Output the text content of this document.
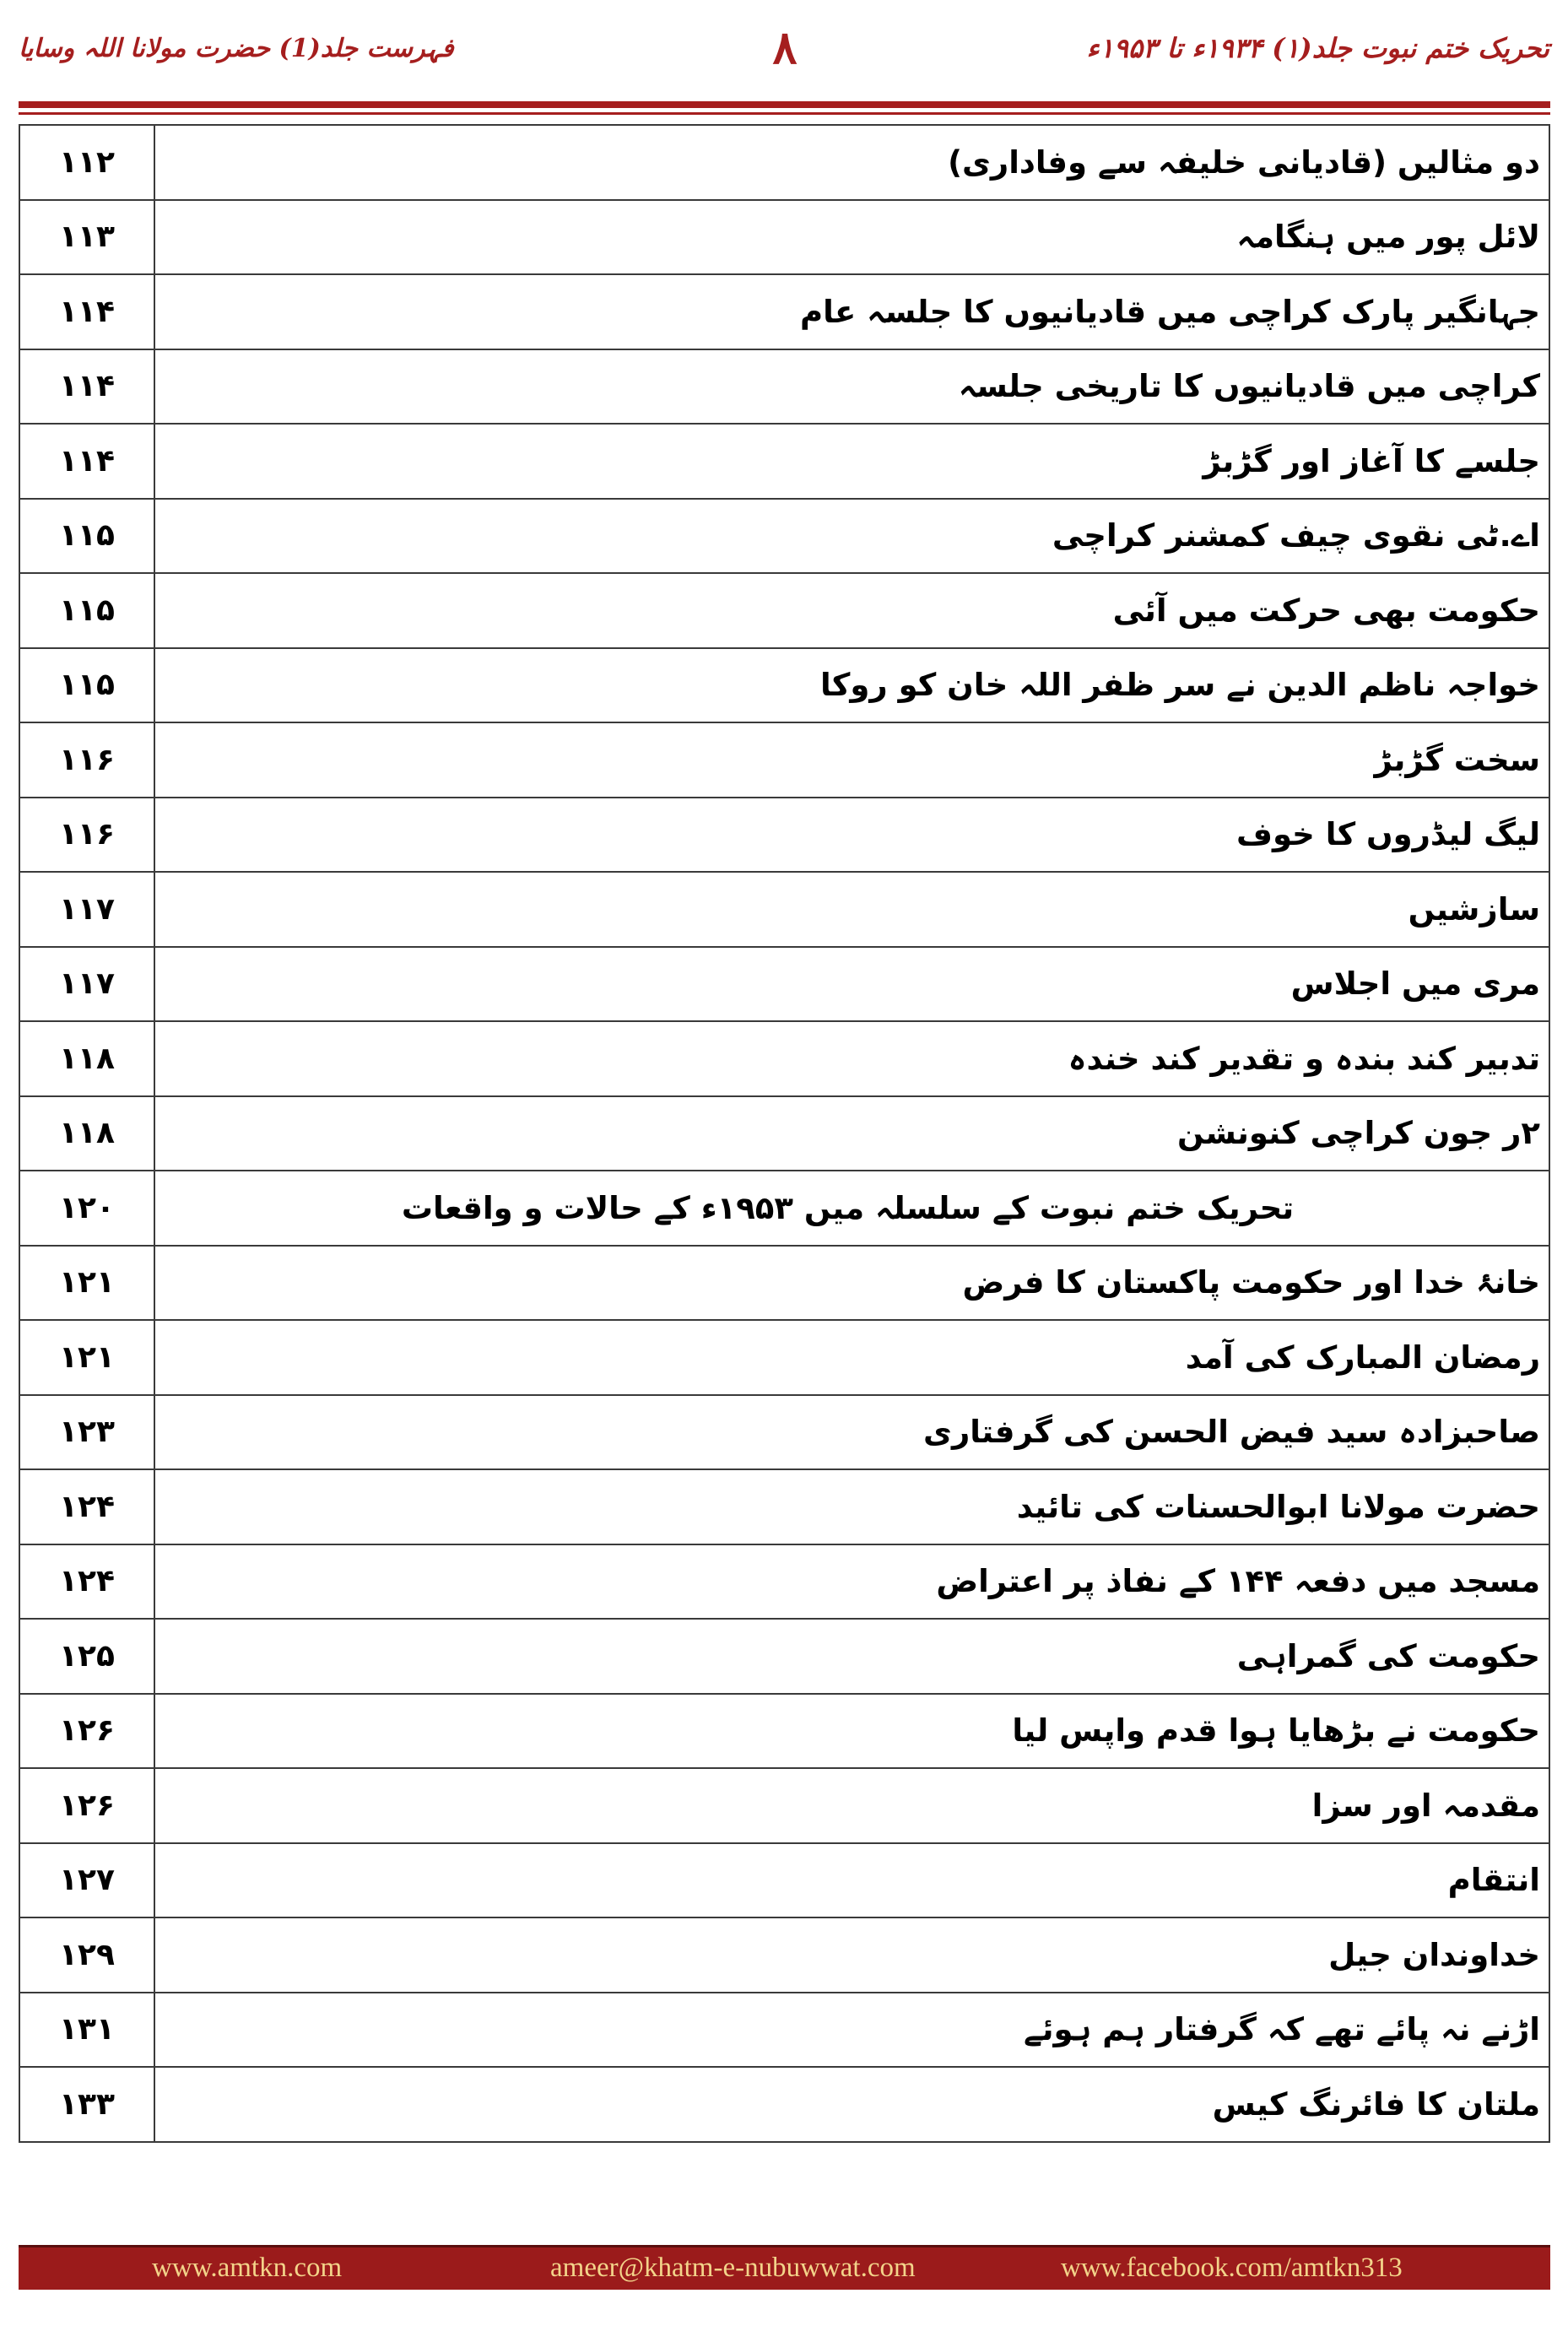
تحریک ختم نبوت جلد(۱) ۱۹۳۴ء تا ۱۹۵۳ء
۸
فہرست جلد(1) حضرت مولانا اللہ وسایا
۱۱۲	دو مثالیں (قادیانی خلیفہ سے وفاداری)
۱۱۳	لائل پور میں ہنگامہ
۱۱۴	جہانگیر پارک کراچی میں قادیانیوں کا جلسہ عام
۱۱۴	کراچی میں قادیانیوں کا تاریخی جلسہ
۱۱۴	جلسے کا آغاز اور گڑبڑ
۱۱۵	اے.ٹی نقوی چیف کمشنر کراچی
۱۱۵	حکومت بھی حرکت میں آئی
۱۱۵	خواجہ ناظم الدین نے سر ظفر اللہ خان کو روکا
۱۱۶	سخت گڑبڑ
۱۱۶	لیگ لیڈروں کا خوف
۱۱۷	سازشیں
۱۱۷	مری میں اجلاس
۱۱۸	تدبیر کند بندہ و تقدیر کند خندہ
۱۱۸	۲ر جون کراچی کنونشن
۱۲۰	تحریک ختم نبوت کے سلسلہ میں ۱۹۵۳ء کے حالات و واقعات
۱۲۱	خانۂ خدا اور حکومت پاکستان کا فرض
۱۲۱	رمضان المبارک کی آمد
۱۲۳	صاحبزادہ سید فیض الحسن کی گرفتاری
۱۲۴	حضرت مولانا ابوالحسنات کی تائید
۱۲۴	مسجد میں دفعہ ۱۴۴ کے نفاذ پر اعتراض
۱۲۵	حکومت کی گمراہی
۱۲۶	حکومت نے بڑھایا ہوا قدم واپس لیا
۱۲۶	مقدمہ اور سزا
۱۲۷	انتقام
۱۲۹	خداوندان جیل
۱۳۱	اڑنے نہ پائے تھے کہ گرفتار ہم ہوئے
۱۳۳	ملتان کا فائرنگ کیس
www.amtkn.com	ameer@khatm-e-nubuwwat.com	www.facebook.com/amtkn313
